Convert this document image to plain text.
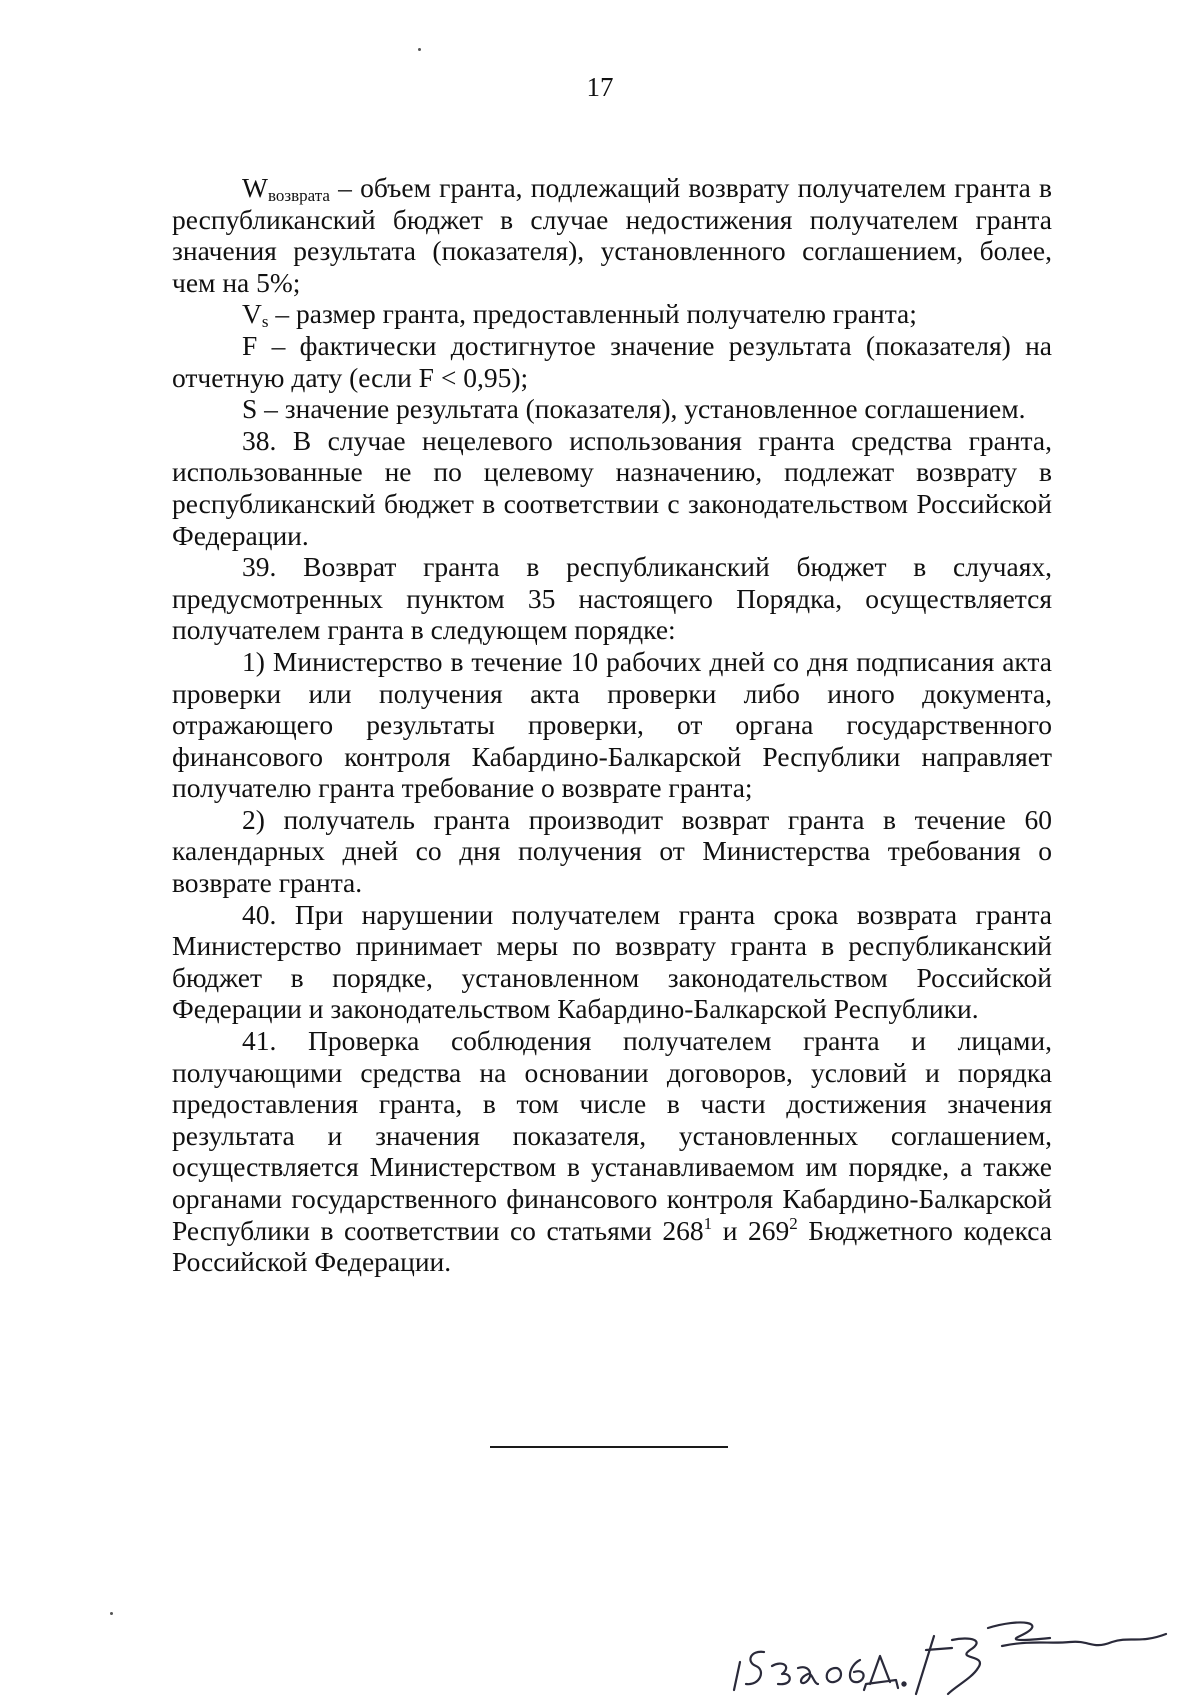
17

$W_{возврата}$ – объем гранта, подлежащий возврату получателем гранта в республиканский бюджет в случае недостижения получателем гранта значения результата (показателя), установленного соглашением, более, чем на 5%;

$V_s$ – размер гранта, предоставленный получателю гранта;

F – фактически достигнутое значение результата (показателя) на отчетную дату (если F < 0,95);

S – значение результата (показателя), установленное соглашением.

38. В случае нецелевого использования гранта средства гранта, использованные не по целевому назначению, подлежат возврату в республиканский бюджет в соответствии с законодательством Российской Федерации.

39. Возврат гранта в республиканский бюджет в случаях, предусмотренных пунктом 35 настоящего Порядка, осуществляется получателем гранта в следующем порядке:

1) Министерство в течение 10 рабочих дней со дня подписания акта проверки или получения акта проверки либо иного документа, отражающего результаты проверки, от органа государственного финансового контроля Кабардино-Балкарской Республики направляет получателю гранта требование о возврате гранта;

2) получатель гранта производит возврат гранта в течение 60 календарных дней со дня получения от Министерства требования о возврате гранта.

40. При нарушении получателем гранта срока возврата гранта Министерство принимает меры по возврату гранта в республиканский бюджет в порядке, установленном законодательством Российской Федерации и законодательством Кабардино-Балкарской Республики.

41. Проверка соблюдения получателем гранта и лицами, получающими средства на основании договоров, условий и порядка предоставления гранта, в том числе в части достижения значения результата и значения показателя, установленных соглашением, осуществляется Министерством в устанавливаемом им порядке, а также органами государственного финансового контроля Кабардино-Балкарской Республики в соответствии со статьями $268^1$ и $269^2$ Бюджетного кодекса Российской Федерации.
